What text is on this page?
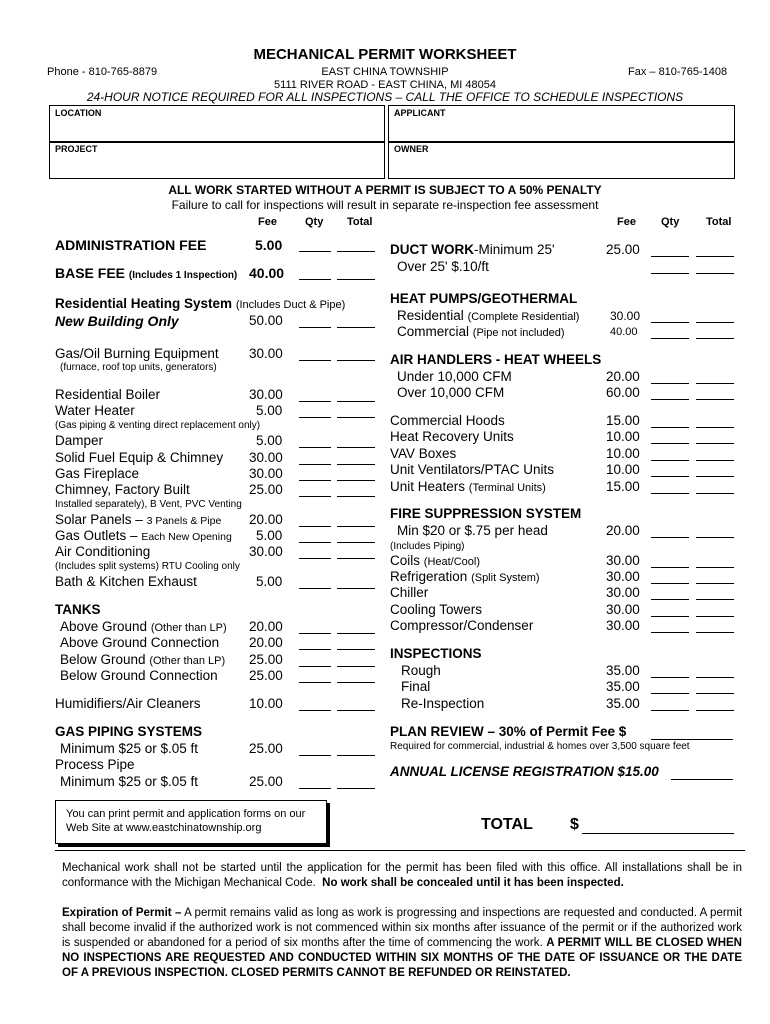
MECHANICAL PERMIT WORKSHEET
Phone - 810-765-8879	EAST CHINA TOWNSHIP	Fax – 810-765-1408
5111 RIVER ROAD - EAST CHINA, MI 48054
24-HOUR NOTICE REQUIRED FOR ALL INSPECTIONS – CALL THE OFFICE TO SCHEDULE INSPECTIONS
LOCATION	APPLICANT
PROJECT	OWNER
ALL WORK STARTED WITHOUT A PERMIT IS SUBJECT TO A 50% PENALTY
Failure to call for inspections will result in separate re-inspection fee assessment
Fee	Qty Total	Fee Qty Total
ADMINISTRATION FEE	5.00
BASE FEE (Includes 1 Inspection) 40.00
Residential Heating System (Includes Duct & Pipe)
New Building Only	50.00
Gas/Oil Burning Equipment 30.00
(furnace, roof top units, generators)
Residential Boiler	30.00
Water Heater	5.00
(Gas piping & venting direct replacement only)
Damper	5.00
Solid Fuel Equip & Chimney 30.00
Gas Fireplace	30.00
Chimney, Factory Built	25.00
Installed separately), B Vent, PVC Venting
Solar Panels – 3 Panels & Pipe 20.00
Gas Outlets – Each New Opening 5.00
Air Conditioning	30.00
(Includes split systems) RTU Cooling only
Bath & Kitchen Exhaust	5.00
TANKS
Above Ground (Other than LP) 20.00
Above Ground Connection 20.00
Below Ground (Other than LP) 25.00
Below Ground Connection 25.00
Humidifiers/Air Cleaners	10.00
GAS PIPING SYSTEMS
Minimum $25 or $.05 ft	25.00
Process Pipe
Minimum $25 or $.05 ft	25.00
DUCT WORK-Minimum 25'	25.00
Over 25' $.10/ft
HEAT PUMPS/GEOTHERMAL
Residential (Complete Residential)	30.00
Commercial (Pipe not included)	40.00
AIR HANDLERS - HEAT WHEELS
Under 10,000 CFM	20.00
Over 10,000 CFM	60.00
Commercial Hoods	15.00
Heat Recovery Units	10.00
VAV Boxes	10.00
Unit Ventilators/PTAC Units	10.00
Unit Heaters (Terminal Units)	15.00
FIRE SUPPRESSION SYSTEM
Min $20 or $.75 per head	20.00
(Includes Piping)
Coils (Heat/Cool)	30.00
Refrigeration (Split System)	30.00
Chiller	30.00
Cooling Towers	30.00
Compressor/Condenser	30.00
INSPECTIONS
Rough	35.00
Final	35.00
Re-Inspection	35.00
PLAN REVIEW – 30% of Permit Fee $
Required for commercial, industrial & homes over 3,500 square feet
ANNUAL LICENSE REGISTRATION $15.00
You can print permit and application forms on our
Web Site at www.eastchinatownship.org	TOTAL $
Mechanical work shall not be started until the application for the permit has been filed with this office. All installations shall be in conformance with the Michigan Mechanical Code. No work shall be concealed until it has been inspected.
Expiration of Permit – A permit remains valid as long as work is progressing and inspections are requested and conducted. A permit shall become invalid if the authorized work is not commenced within six months after issuance of the permit or if the authorized work is suspended or abandoned for a period of six months after the time of commencing the work. A PERMIT WILL BE CLOSED WHEN NO INSPECTIONS ARE REQUESTED AND CONDUCTED WITHIN SIX MONTHS OF THE DATE OF ISSUANCE OR THE DATE OF A PREVIOUS INSPECTION. CLOSED PERMITS CANNOT BE REFUNDED OR REINSTATED.
